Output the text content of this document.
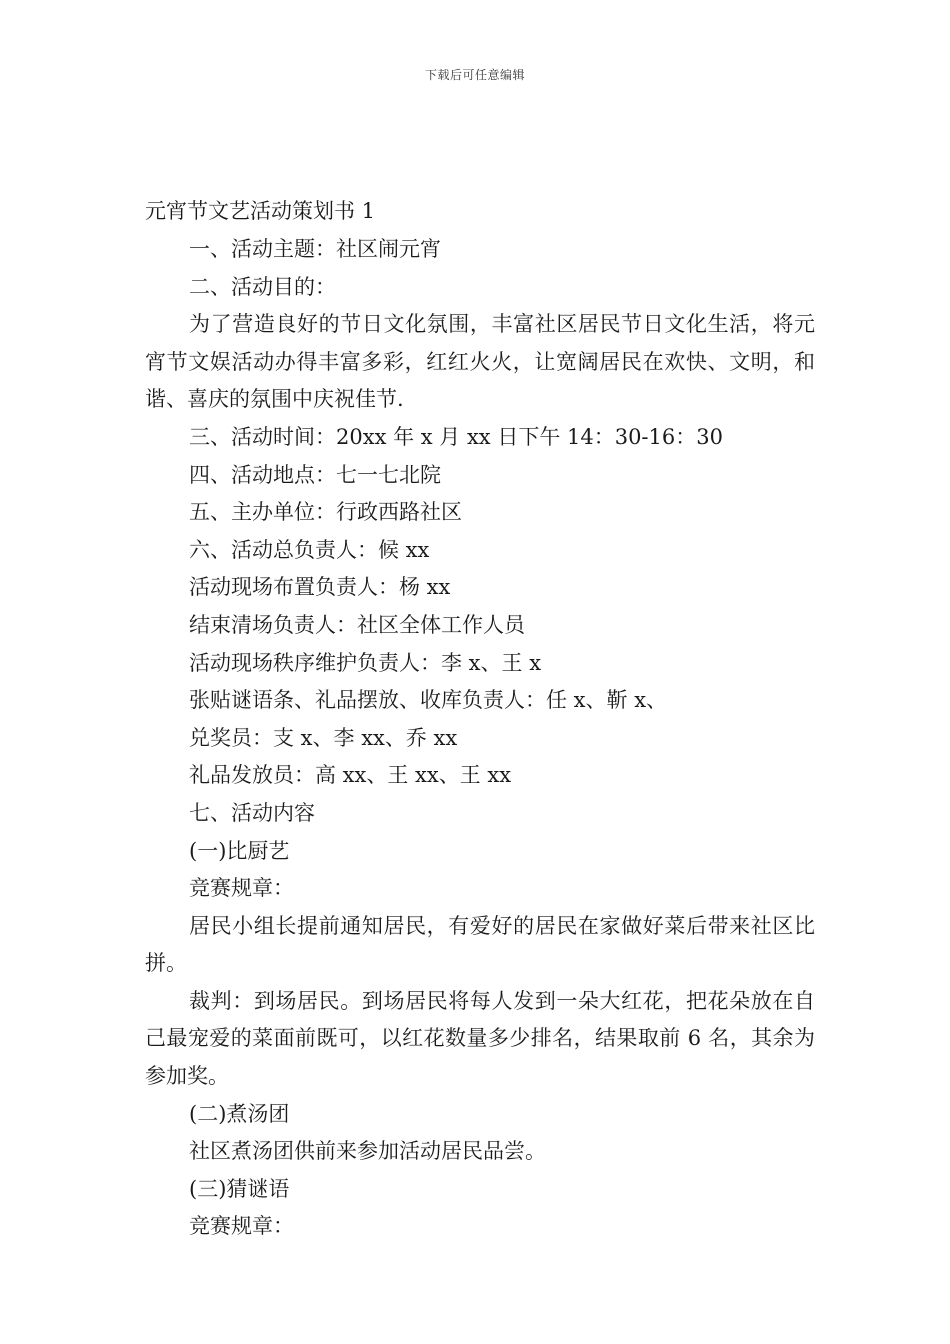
下载后可任意编辑
元宵节文艺活动策划书 1

一、活动主题：社区闹元宵

二、活动目的：

为了营造良好的节日文化氛围，丰富社区居民节日文化生活，将元宵节文娱活动办得丰富多彩，红红火火，让宽阔居民在欢快、文明，和谐、喜庆的氛围中庆祝佳节.

三、活动时间：20xx 年 x 月 xx 日下午 14：30-16：30

四、活动地点：七一七北院

五、主办单位：行政西路社区

六、活动总负责人：候 xx

活动现场布置负责人：杨 xx

结束清场负责人：社区全体工作人员

活动现场秩序维护负责人：李 x、王 x

张贴谜语条、礼品摆放、收库负责人：任 x、靳 x、

兑奖员：支 x、李 xx、乔 xx

礼品发放员：高 xx、王 xx、王 xx

七、活动内容

(一)比厨艺

竞赛规章：

居民小组长提前通知居民，有爱好的居民在家做好菜后带来社区比拼。

裁判：到场居民。到场居民将每人发到一朵大红花，把花朵放在自己最宠爱的菜面前既可，以红花数量多少排名，结果取前 6 名，其余为参加奖。

(二)煮汤团

社区煮汤团供前来参加活动居民品尝。

(三)猜谜语

竞赛规章：
